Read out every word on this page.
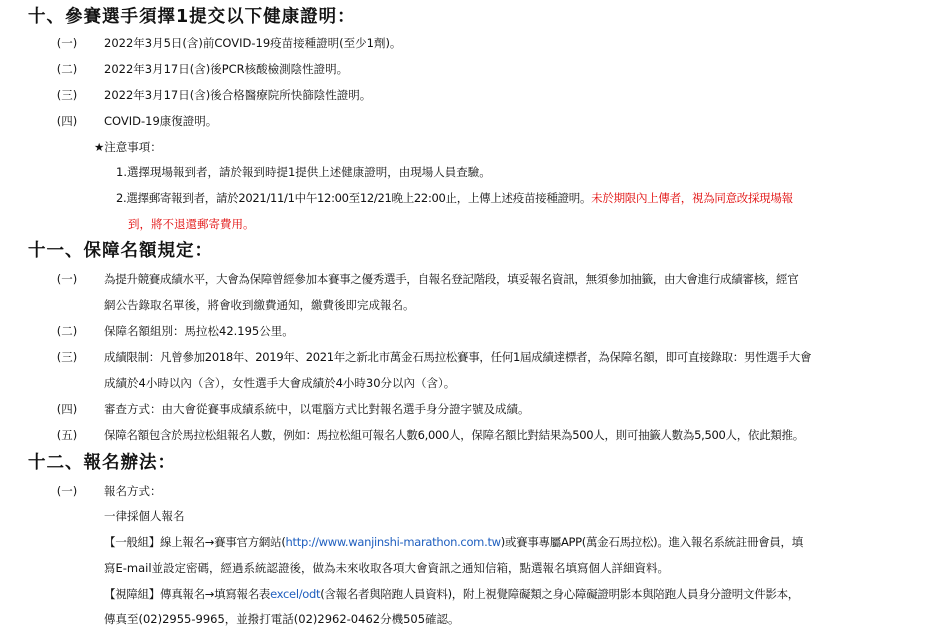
十、參賽選手須擇1提交以下健康證明：
(一) 2022年3月5日(含)前COVID-19疫苗接種證明(至少1劑)。
(二) 2022年3月17日(含)後PCR核酸檢測陰性證明。
(三) 2022年3月17日(含)後合格醫療院所快篩陰性證明。
(四) COVID-19康復證明。
★注意事項：
1.選擇現場報到者，請於報到時提1提供上述健康證明，由現場人員查驗。
2.選擇郵寄報到者，請於2021/11/1中午12:00至12/21晚上22:00止，上傳上述疫苗接種證明。未於期限內上傳者，視為同意改採現場報
到，將不退還郵寄費用。
十一、保障名額規定：
(一) 為提升競賽成績水平，大會為保障曾經參加本賽事之優秀選手，自報名登記階段，填妥報名資訊，無須參加抽籤，由大會進行成績審核，經官
網公告錄取名單後，將會收到繳費通知，繳費後即完成報名。
(二) 保障名額組別：馬拉松42.195公里。
(三) 成績限制：凡曾參加2018年、2019年、2021年之新北市萬金石馬拉松賽事，任何1屆成績達標者，為保障名額，即可直接錄取：男性選手大會
成績於4小時以內（含），女性選手大會成績於4小時30分以內（含）。
(四) 審查方式：由大會從賽事成績系統中，以電腦方式比對報名選手身分證字號及成績。
(五) 保障名額包含於馬拉松組報名人數，例如：馬拉松組可報名人數6,000人，保障名額比對結果為500人，則可抽籤人數為5,500人，依此類推。
十二、報名辦法：
(一) 報名方式：
一律採個人報名
【一般組】線上報名→賽事官方網站(http://www.wanjinshi-marathon.com.tw)或賽事專屬APP(萬金石馬拉松)。進入報名系統註冊會員，填
寫E-mail並設定密碼，經過系統認證後，做為未來收取各項大會資訊之通知信箱，點選報名填寫個人詳細資料。
【視障組】傳真報名→填寫報名表excel/odt(含報名者與陪跑人員資料)，附上視覺障礙類之身心障礙證明影本與陪跑人員身分證明文件影本，
傳真至(02)2955-9965，並撥打電話(02)2962-0462分機505確認。
